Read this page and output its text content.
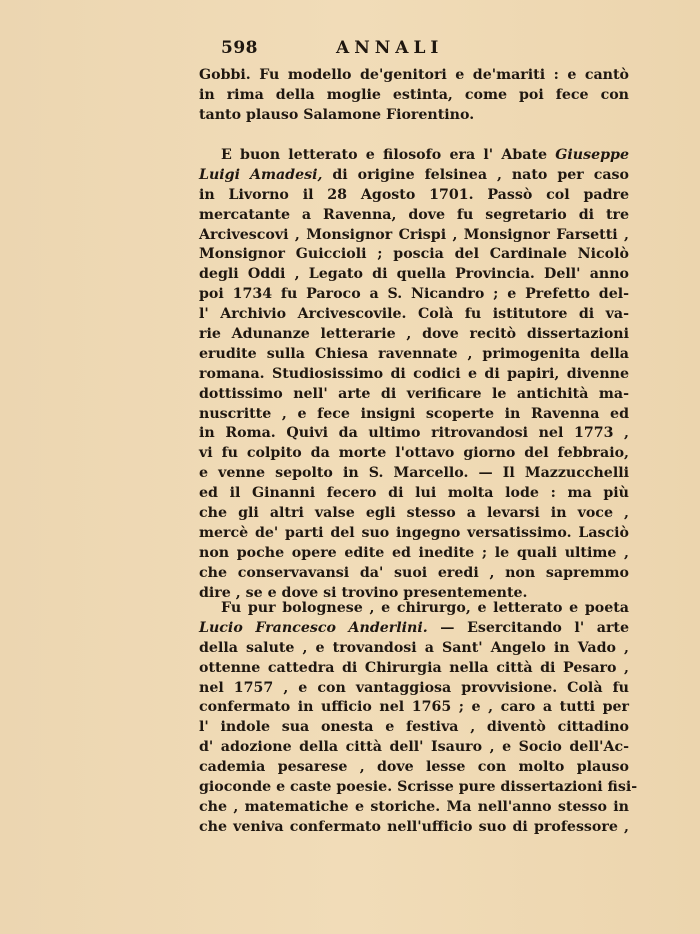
598	ANNALI
Gobbi. Fu modello de'genitori e de'mariti : e cantò
in rima della moglie estinta, come poi fece con
tanto plauso Salamone Fiorentino.
E buon letterato e filosofo era l' Abate Giuseppe
Luigi Amadesi, di origine felsinea , nato per caso
in Livorno il 28 Agosto 1701. Passò col padre
mercatante a Ravenna, dove fu segretario di tre
Arcivescovi , Monsignor Crispi , Monsignor Farsetti ,
Monsignor Guiccioli ; poscia del Cardinale Nicolò
degli Oddi , Legato di quella Provincia. Dell' anno
poi 1734 fu Paroco a S. Nicandro ; e Prefetto del-
l' Archivio Arcivescovile. Colà fu istitutore di va-
rie Adunanze letterarie , dove recitò dissertazioni
erudite sulla Chiesa ravennate , primogenita della
romana. Studiosissimo di codici e di papiri, divenne
dottissimo nell' arte di verificare le antichità ma-
nuscritte , e fece insigni scoperte in Ravenna ed
in Roma. Quivi da ultimo ritrovandosi nel 1773 ,
vi fu colpito da morte l'ottavo giorno del febbraio,
e venne sepolto in S. Marcello. — Il Mazzucchelli
ed il Ginanni fecero di lui molta lode : ma più
che gli altri valse egli stesso a levarsi in voce ,
mercè de' parti del suo ingegno versatissimo. Lasciò
non poche opere edite ed inedite ; le quali ultime ,
che conservavansi da' suoi eredi , non sapremmo
dire , se e dove si trovino presentemente.
Fu pur bolognese , e chirurgo, e letterato e poeta
Lucio Francesco Anderlini. — Esercitando l' arte
della salute , e trovandosi a Sant' Angelo in Vado ,
ottenne cattedra di Chirurgia nella città di Pesaro ,
nel 1757 , e con vantaggiosa provvisione. Colà fu
confermato in ufficio nel 1765 ; e , caro a tutti per
l' indole sua onesta e festiva , diventò cittadino
d' adozione della città dell' Isauro , e Socio dell'Ac-
cademia pesarese , dove lesse con molto plauso
gioconde e caste poesie. Scrisse pure dissertazioni fisi-
che , matematiche e storiche. Ma nell'anno stesso in
che veniva confermato nell'ufficio suo di professore ,
